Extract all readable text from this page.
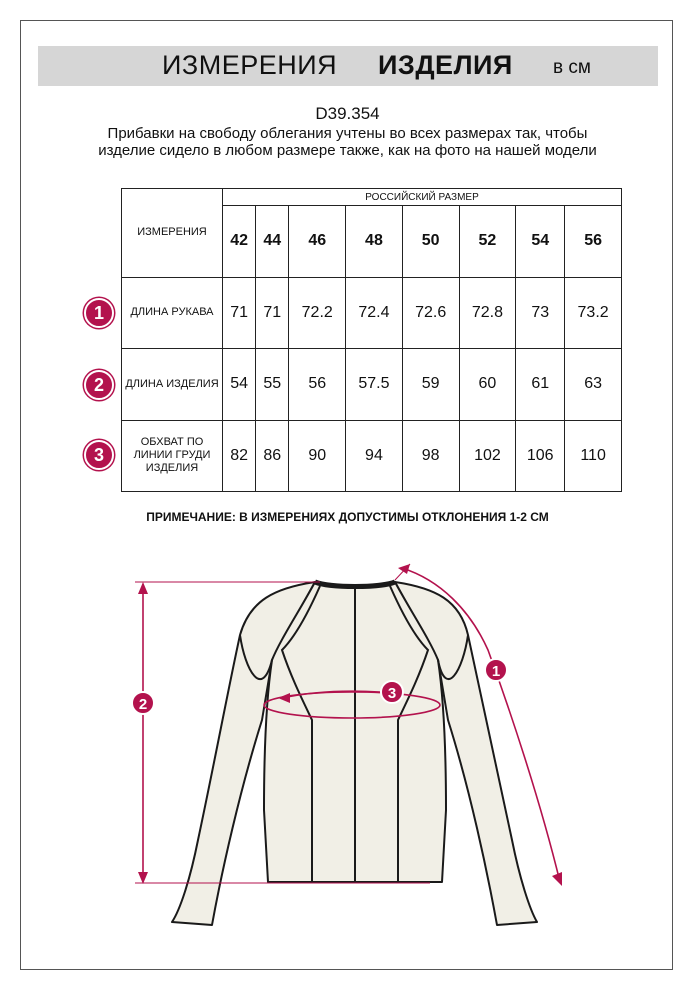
ИЗМЕРЕНИЯ ИЗДЕЛИЯ в см
D39.354
Прибавки на свободу облегания учтены во всех размерах так, чтобы изделие сидело в любом размере также, как на фото на нашей модели
ИЗМЕРЕНИЯ	РОССИЙСКИЙ РАЗМЕР							
	42	44	46	48	50	52	54	56
ДЛИНА РУКАВА	71	71	72.2	72.4	72.6	72.8	73	73.2
ДЛИНА ИЗДЕЛИЯ	54	55	56	57.5	59	60	61	63
ОБХВАТ ПО ЛИНИИ ГРУДИ ИЗДЕЛИЯ	82	86	90	94	98	102	106	110
1
2
3
ПРИМЕЧАНИЕ: В ИЗМЕРЕНИЯХ ДОПУСТИМЫ ОТКЛОНЕНИЯ 1-2 СМ
1
2
3
